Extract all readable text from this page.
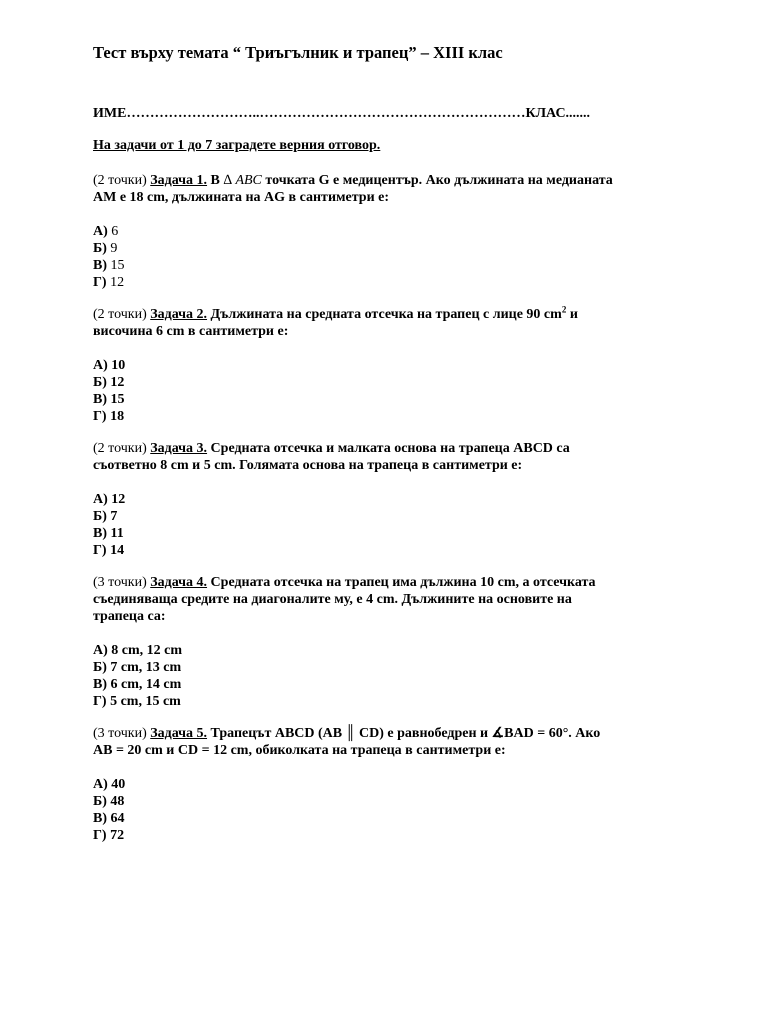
Тест върху темата “ Триъгълник и трапец” – XIII клас
ИМЕ………………………..…………………………………………………КЛАС.......
На задачи от 1 до 7 заградете верния отговор.

(2 точки) Задача 1. В ∆ ABC точката G е медицентър. Ако дължината на медианата

АМ е 18 cm, дължината на AG в сантиметри е:

А) 6
Б) 9
В) 15
Г) 12

(2 точки) Задача 2. Дължината на средната отсечка на трапец с лице 90 $cm^2$ и

височина 6 cm в сантиметри е:

А) 10
Б) 12
В) 15
Г) 18

(2 точки) Задача 3. Средната отсечка и малката основа на трапеца ABCD са

съответно 8 cm и 5 cm. Голямата основа на трапеца в сантиметри е:

А) 12
Б) 7
В) 11
Г) 14

(3 точки) Задача 4. Средната отсечка на трапец има дължина 10 cm, а отсечката

съединяваща средите на диагоналите му, е 4 cm. Дължините на основите на

трапеца са:

А) 8 cm, 12 cm
Б) 7 cm, 13 cm
В) 6 cm, 14 cm
Г) 5 cm, 15 cm

(3 точки) Задача 5. Трапецът ABCD (AB ║ CD) е равнобедрен и ∡BAD = 60°. Ако

AB = 20 cm и CD = 12 cm, обиколката на трапеца в сантиметри е:

А) 40
Б) 48
В) 64
Г) 72
